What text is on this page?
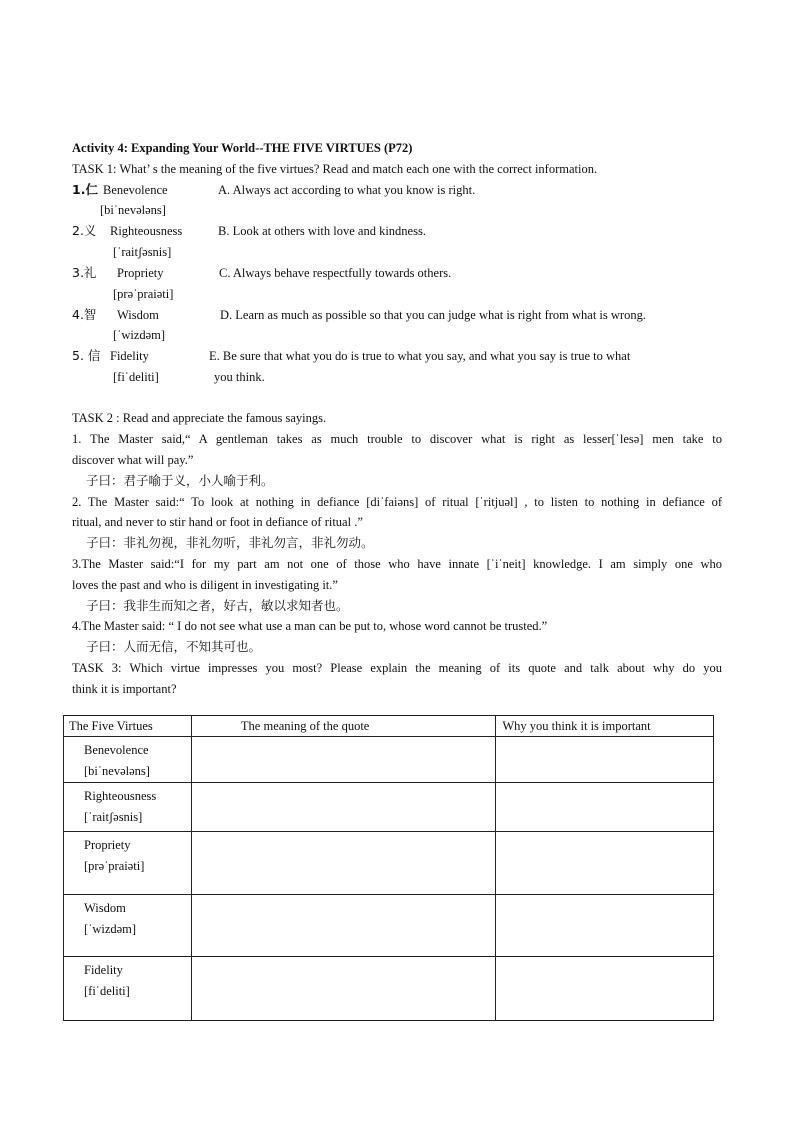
Activity 4: Expanding Your World--THE FIVE VIRTUES (P72)
TASK 1: What’ s the meaning of the five virtues? Read and match each one with the correct information.
1.仁 Benevolence	A. Always act according to what you know is right.
[biˈnevələns]
2.义 Righteousness	B. Look at others with love and kindness.
[ˈraitʃəsnis]
3.礼 Propriety	C. Always behave respectfully towards others.
[prəˈpraiəti]
4.智 Wisdom	D. Learn as much as possible so that you can judge what is right from what is wrong.
[ˈwizdəm]
5. 信 Fidelity	E. Be sure that what you do is true to what you say, and what you say is true to what
[fiˈdeliti]	you think.
TASK 2 : Read and appreciate the famous sayings.
1. The Master said,“ A gentleman takes as much trouble to discover what is right as lesser[ˈlesə] men take to
discover what will pay.”
子曰：君子喻于义，小人喻于利。
2. The Master said:“ To look at nothing in defiance [diˈfaiəns] of ritual [ˈritjuəl] , to listen to nothing in defiance of
ritual, and never to stir hand or foot in defiance of ritual .”
子曰：非礼勿视，非礼勿听，非礼勿言，非礼勿动。
3.The Master said:“I for my part am not one of those who have innate [ˈiˈneit] knowledge. I am simply one who
loves the past and who is diligent in investigating it.”
子曰：我非生而知之者，好古，敏以求知者也。
4.The Master said: “ I do not see what use a man can be put to, whose word cannot be trusted.”
子曰：人而无信，不知其可也。
TASK 3: Which virtue impresses you most? Please explain the meaning of its quote and talk about why do you
think it is important?
The Five Virtues	The meaning of the quote	Why you think it is important

Benevolence
[biˈnevələns]		

Righteousness
[ˈraitʃəsnis]		

Propriety
[prəˈpraiəti]		

Wisdom
[ˈwizdəm]		

Fidelity
[fiˈdeliti]		
